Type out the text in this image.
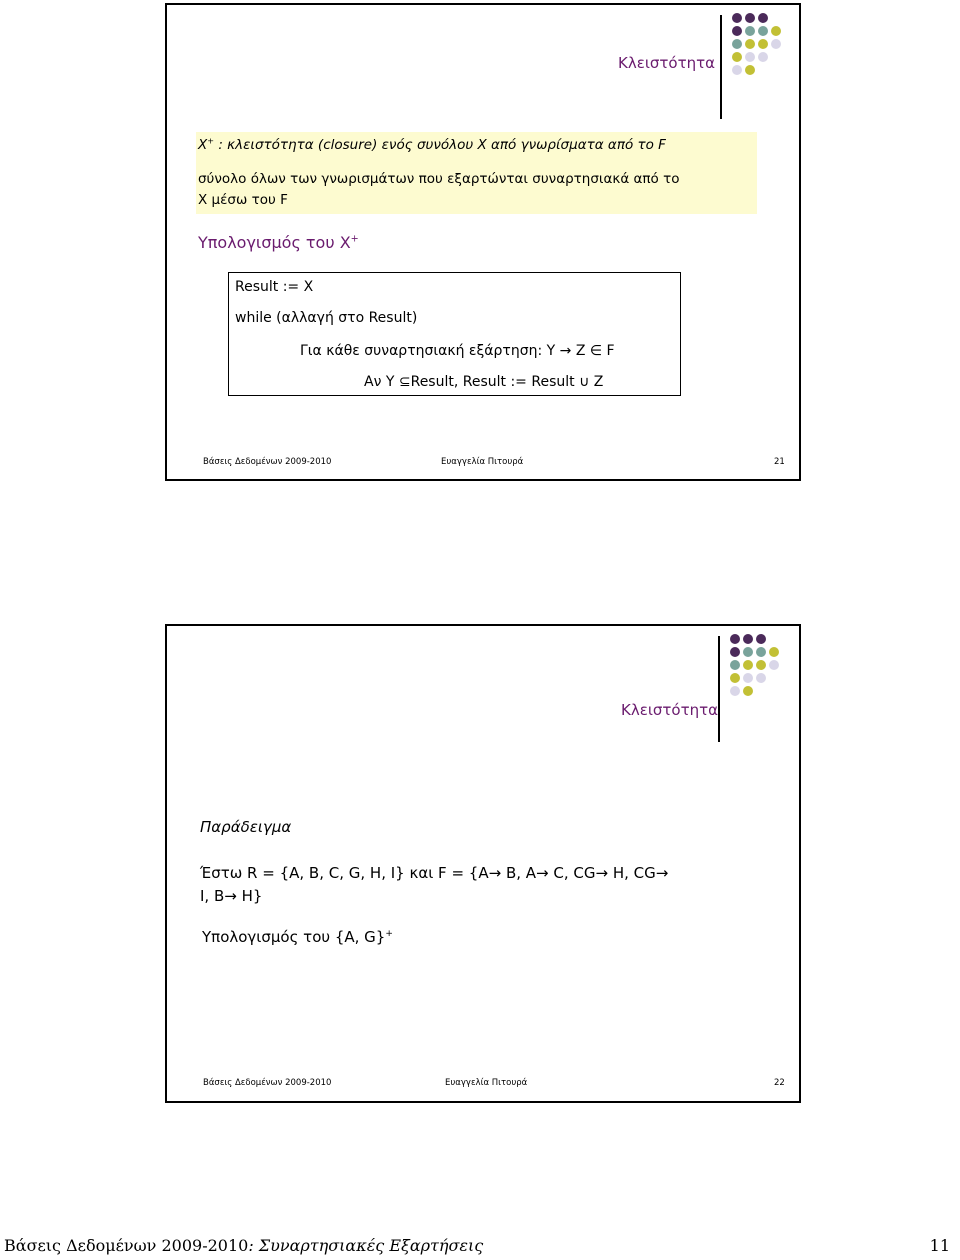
Κλειστότητα
X+ : κλειστότητα (closure) ενός συνόλου X από γνωρίσματα από το F
σύνολο όλων των γνωρισμάτων που εξαρτώνται συναρτησιακά από το
X μέσω του F
Υπολογισμός του X+
Result := X
while (αλλαγή στο Result)
Για κάθε συναρτησιακή εξάρτηση: Y → Z ∈ F
Αν Y ⊆Result, Result := Result ∪ Z
Βάσεις Δεδομένων 2009-2010	Ευαγγελία Πιτουρά	21
Κλειστότητα
Παράδειγμα
Έστω R = {A, B, C, G, H, I} και F = {A→ B, A→ C, CG→ H, CG→
I, B→ H}
Υπολογισμός του {A, G}+
Βάσεις Δεδομένων 2009-2010	Ευαγγελία Πιτουρά	22
Βάσεις Δεδομένων 2009-2010: Συναρτησιακές Εξαρτήσεις	11
